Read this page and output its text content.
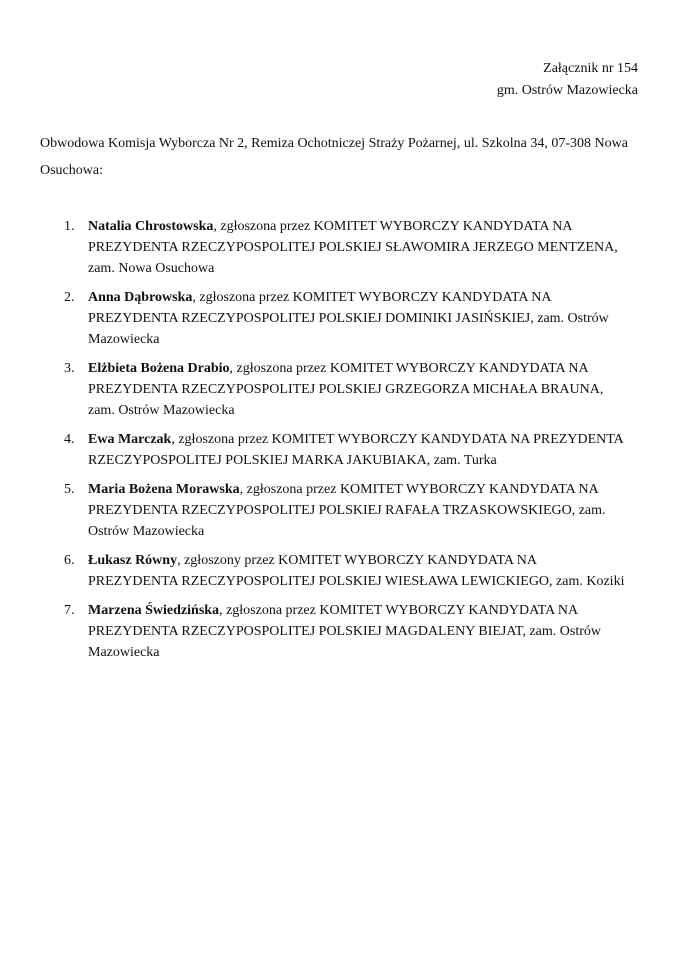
Załącznik nr 154
gm. Ostrów Mazowiecka

Obwodowa Komisja Wyborcza Nr 2, Remiza Ochotniczej Straży Pożarnej, ul. Szkolna 34, 07-308 Nowa Osuchowa:

1. Natalia Chrostowska, zgłoszona przez KOMITET WYBORCZY KANDYDATA NA PREZYDENTA RZECZYPOSPOLITEJ POLSKIEJ SŁAWOMIRA JERZEGO MENTZENA, zam. Nowa Osuchowa
2. Anna Dąbrowska, zgłoszona przez KOMITET WYBORCZY KANDYDATA NA PREZYDENTA RZECZYPOSPOLITEJ POLSKIEJ DOMINIKI JASIŃSKIEJ, zam. Ostrów Mazowiecka
3. Elżbieta Bożena Drabio, zgłoszona przez KOMITET WYBORCZY KANDYDATA NA PREZYDENTA RZECZYPOSPOLITEJ POLSKIEJ GRZEGORZA MICHAŁA BRAUNA, zam. Ostrów Mazowiecka
4. Ewa Marczak, zgłoszona przez KOMITET WYBORCZY KANDYDATA NA PREZYDENTA RZECZYPOSPOLITEJ POLSKIEJ MARKA JAKUBIAKA, zam. Turka
5. Maria Bożena Morawska, zgłoszona przez KOMITET WYBORCZY KANDYDATA NA PREZYDENTA RZECZYPOSPOLITEJ POLSKIEJ RAFAŁA TRZASKOWSKIEGO, zam. Ostrów Mazowiecka
6. Łukasz Równy, zgłoszony przez KOMITET WYBORCZY KANDYDATA NA PREZYDENTA RZECZYPOSPOLITEJ POLSKIEJ WIESŁAWA LEWICKIEGO, zam. Koziki
7. Marzena Świedzińska, zgłoszona przez KOMITET WYBORCZY KANDYDATA NA PREZYDENTA RZECZYPOSPOLITEJ POLSKIEJ MAGDALENY BIEJAT, zam. Ostrów Mazowiecka
